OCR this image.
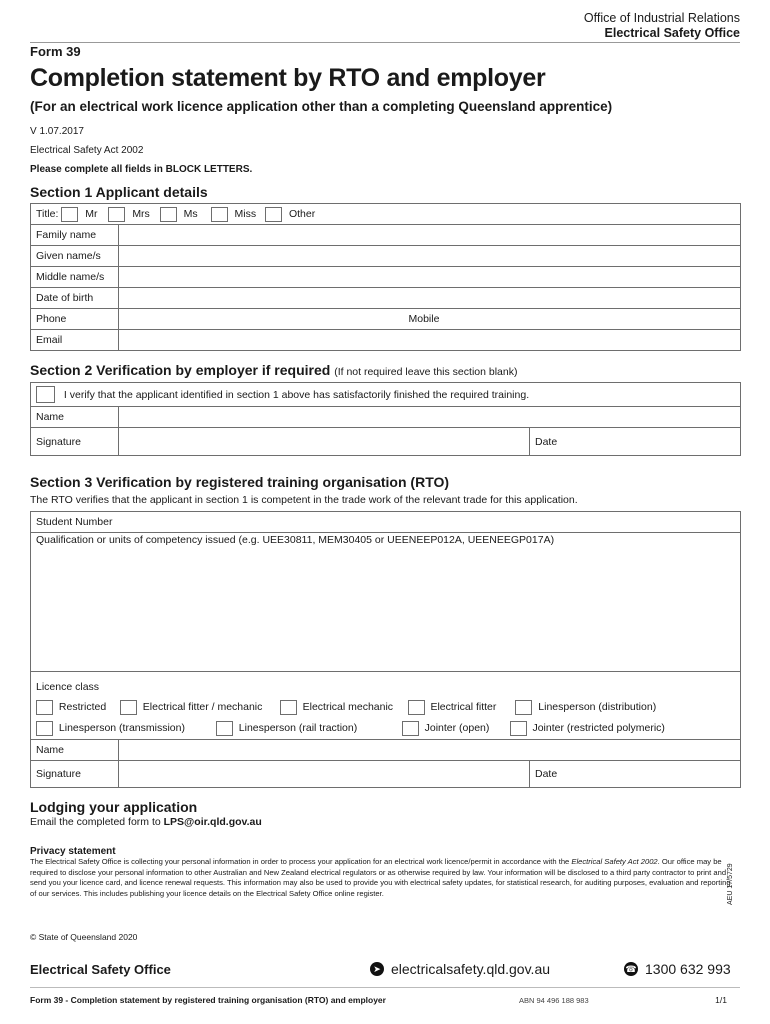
Office of Industrial Relations
Electrical Safety Office
Form 39
Completion statement by RTO and employer
(For an electrical work licence application other than a completing Queensland apprentice)
V 1.07.2017
Electrical Safety Act 2002
Please complete all fields in BLOCK LETTERS.
Section 1 Applicant details
Title: Mr Mrs Ms Miss Other		
Family name		
Given name/s		
Middle name/s		
Date of birth		
Phone		Mobile
Email		
Section 2 Verification by employer if required (If not required leave this section blank)
I verify that the applicant identified in section 1 above has satisfactorily finished the required training.		
Name		
Signature		Date
Section 3 Verification by registered training organisation (RTO)
The RTO verifies that the applicant in section 1 is competent in the trade work of the relevant trade for this application.
Student Number		
Qualification or units of competency issued (e.g. UEE30811, MEM30405 or UEENEEP012A, UEENEEGP017A)		

Licence class
Restricted Electrical fitter / mechanic Electrical mechanic Electrical fitter Linesperson (distribution)
Linesperson (transmission) Linesperson (rail traction) Jointer (open) Jointer (restricted polymeric)		

Name		
Signature		Date
Lodging your application
Email the completed form to LPS@oir.qld.gov.au
Privacy statement
The Electrical Safety Office is collecting your personal information in order to process your application for an electrical work licence/permit in accordance with the Electrical Safety Act 2002. Our office may be required to disclose your personal information to other Australian and New Zealand electrical regulators or as otherwise required by law. Your information will be disclosed to a third party contractor to print and send you your licence card, and licence renewal requests. This information may also be used to provide you with electrical safety updates, for statistical research, for auditing purposes, evaluation and reporting of our services. This includes publishing your licence details on the Electrical Safety Office online register.	AEU 17/5729
© State of Queensland 2020
Electrical Safety Office	➤ electricalsafety.qld.gov.au	☎ 1300 632 993
Form 39 - Completion statement by registered training organisation (RTO) and employer	ABN 94 496 188 983	1/1
